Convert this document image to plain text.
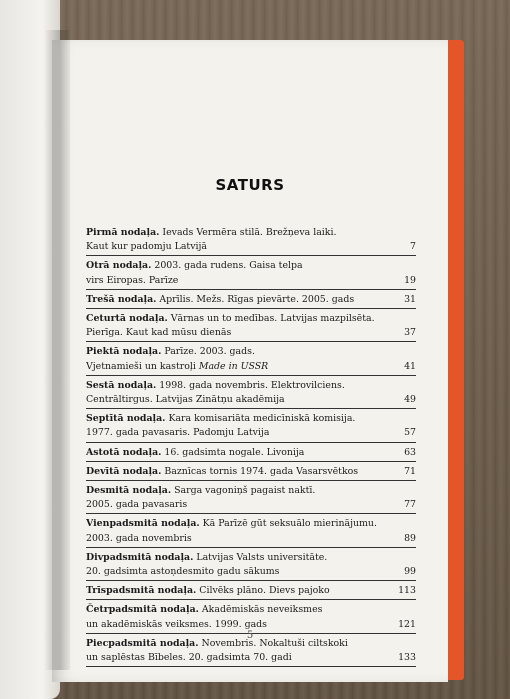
SATURS
Pirmā nodaļa. Ievads Vermēra stilā. Brežņeva laiki.
Kaut kur padomju Latvijā	7
Otrā nodaļa. 2003. gada rudens. Gaisa telpa
virs Eiropas. Parīze	19
Trešā nodaļa. Aprīlis. Mežs. Rīgas pievārte. 2005. gads	31
Ceturtā nodaļa. Vārnas un to medības. Latvijas mazpilsēta.
Pierīga. Kaut kad mūsu dienās	37
Piektā nodaļa. Parīze. 2003. gads.
Vjetnamieši un kastroļi Made in USSR	41
Sestā nodaļa. 1998. gada novembris. Elektrovilciens.
Centrāltirgus. Latvijas Zinātņu akadēmija	49
Septītā nodaļa. Kara komisariāta medicīniskā komisija.
1977. gada pavasaris. Padomju Latvija	57
Astotā nodaļa. 16. gadsimta nogale. Livonija	63
Devītā nodaļa. Baznīcas tornis 1974. gada Vasarsvētkos	71
Desmitā nodaļa. Sarga vagoniņš pagaist naktī.
2005. gada pavasaris	77
Vienpadsmitā nodaļa. Kā Parīzē gūt seksuālo mierinājumu.
2003. gada novembris	89
Divpadsmitā nodaļa. Latvijas Valsts universitāte.
20. gadsimta astoņdesmito gadu sākums	99
Trīspadsmitā nodaļa. Cilvēks plānо. Dievs pajoko	113
Četrpadsmitā nodaļa. Akadēmiskās neveiksmes
un akadēmiskās veiksmes. 1999. gads	121
Piecpadsmitā nodaļa. Novembris. Nokaltuši ciltskoki
un saplēstas Bībeles. 20. gadsimta 70. gadi	133
5
